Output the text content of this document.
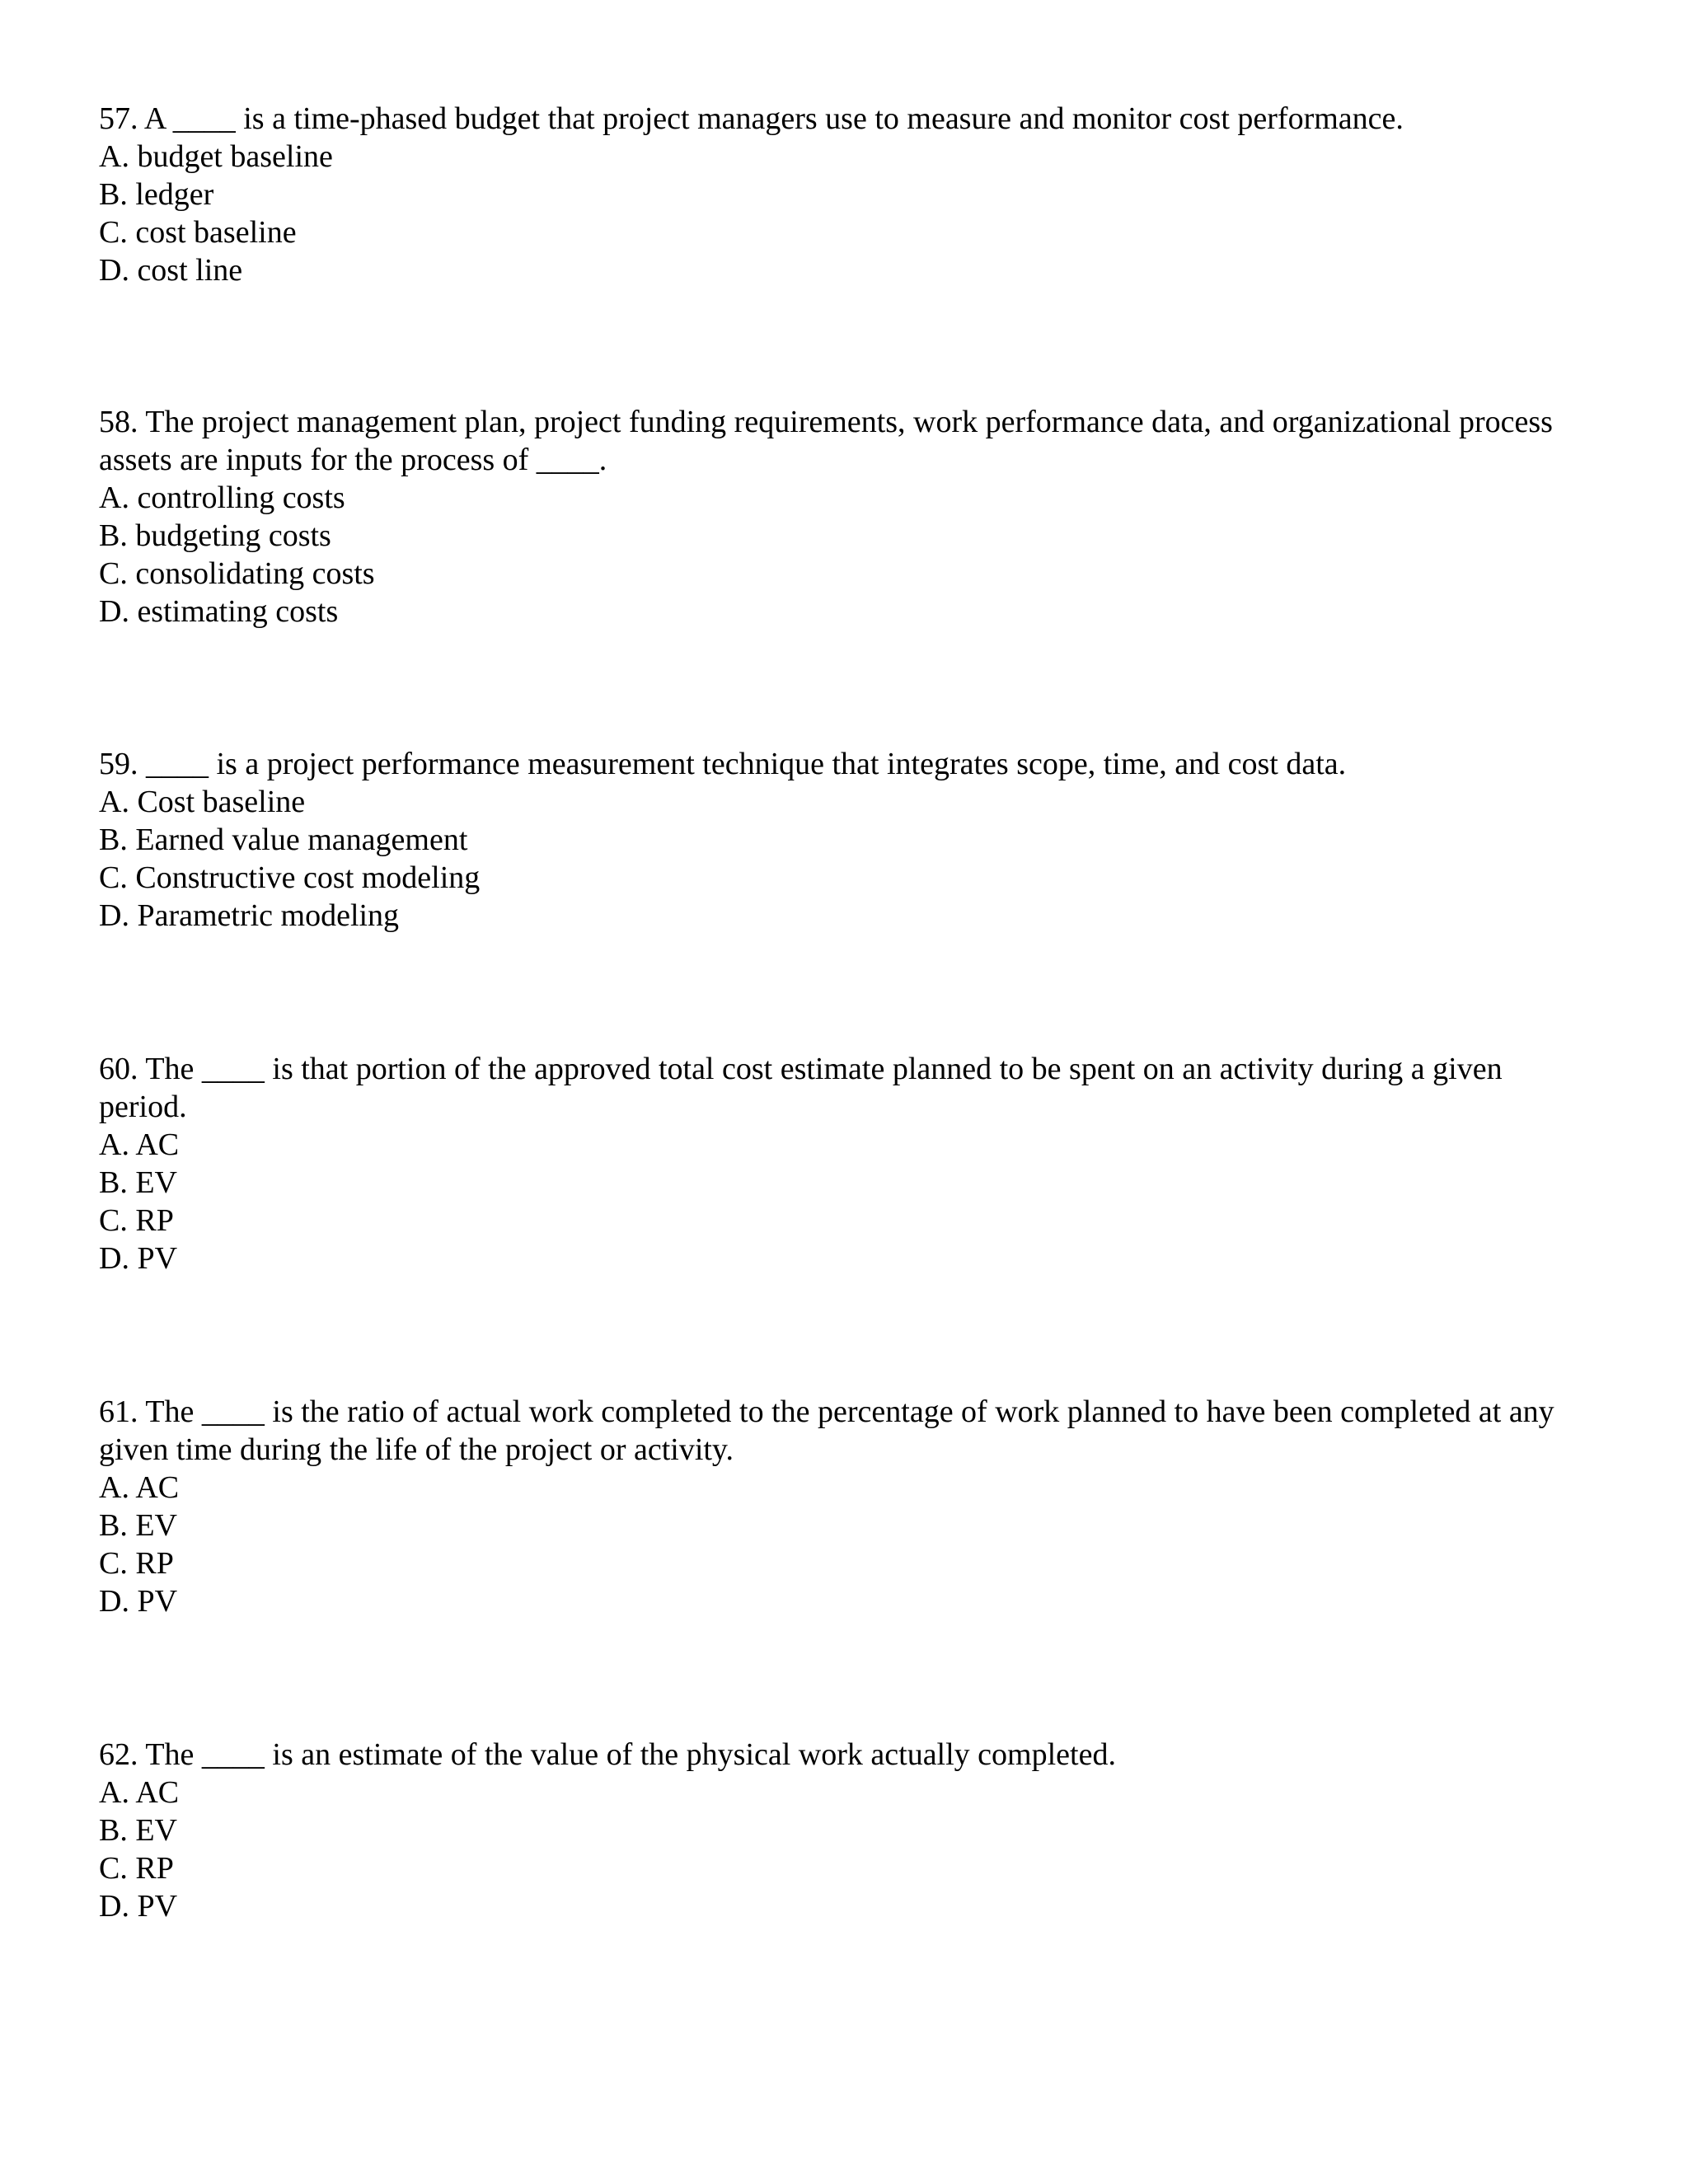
57. A ____ is a time-phased budget that project managers use to measure and monitor cost performance.

A. budget baseline
B. ledger
C. cost baseline
D. cost line

58. The project management plan, project funding requirements, work performance data, and organizational process assets are inputs for the process of ____.

A. controlling costs
B. budgeting costs
C. consolidating costs
D. estimating costs

59. ____ is a project performance measurement technique that integrates scope, time, and cost data.

A. Cost baseline
B. Earned value management
C. Constructive cost modeling
D. Parametric modeling

60. The ____ is that portion of the approved total cost estimate planned to be spent on an activity during a given period.

A. AC
B. EV
C. RP
D. PV

61. The ____ is the ratio of actual work completed to the percentage of work planned to have been completed at any given time during the life of the project or activity.

A. AC
B. EV
C. RP
D. PV

62. The ____ is an estimate of the value of the physical work actually completed.

A. AC
B. EV
C. RP
D. PV
